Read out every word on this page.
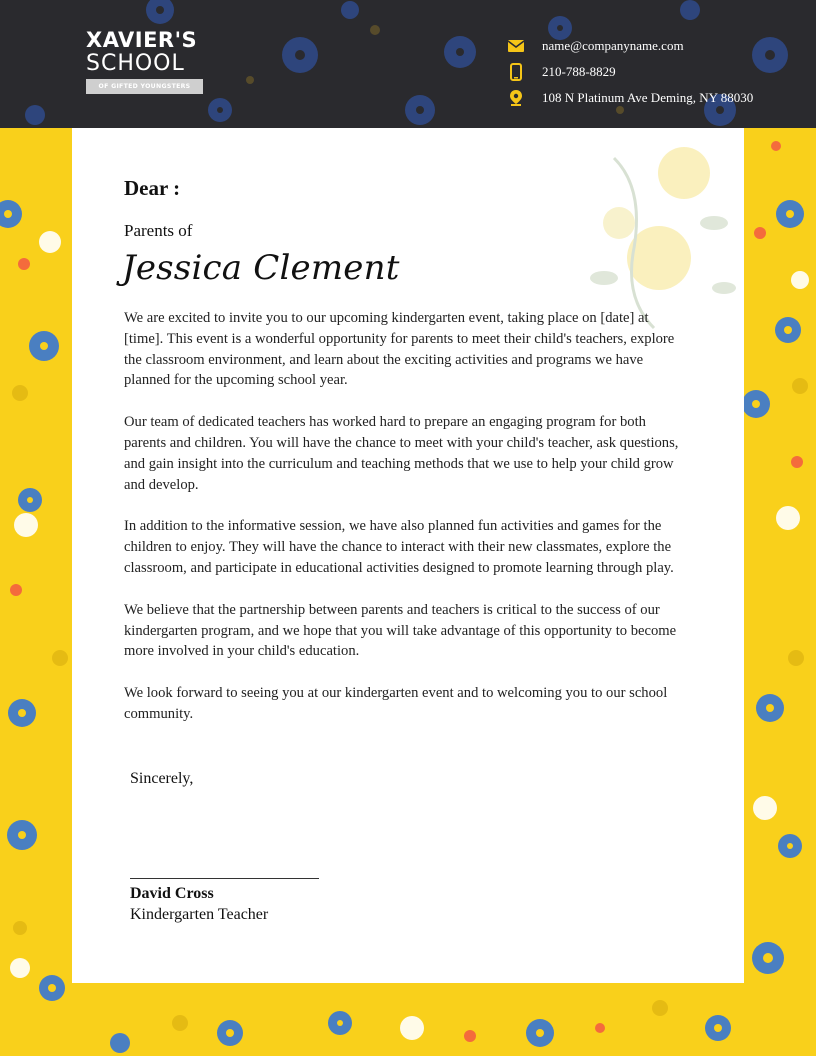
XAVIER'S
SCHOOL
OF GIFTED YOUNGSTERS
name@companyname.com
210-788-8829
108 N Platinum Ave Deming, NY 88030
Dear :
Parents of
Jessica Clement

We are excited to invite you to our upcoming kindergarten event, taking place on [date] at [time]. This event is a wonderful opportunity for parents to meet their child's teachers, explore the classroom environment, and learn about the exciting activities and programs we have planned for the upcoming school year.

Our team of dedicated teachers has worked hard to prepare an engaging program for both parents and children. You will have the chance to meet with your child's teacher, ask questions, and gain insight into the curriculum and teaching methods that we use to help your child grow and develop.

In addition to the informative session, we have also planned fun activities and games for the children to enjoy. They will have the chance to interact with their new classmates, explore the classroom, and participate in educational activities designed to promote learning through play.

We believe that the partnership between parents and teachers is critical to the success of our kindergarten program, and we hope that you will take advantage of this opportunity to become more involved in your child's education.

We look forward to seeing you at our kindergarten event and to welcoming you to our school community.

Sincerely,
David Cross
Kindergarten Teacher
